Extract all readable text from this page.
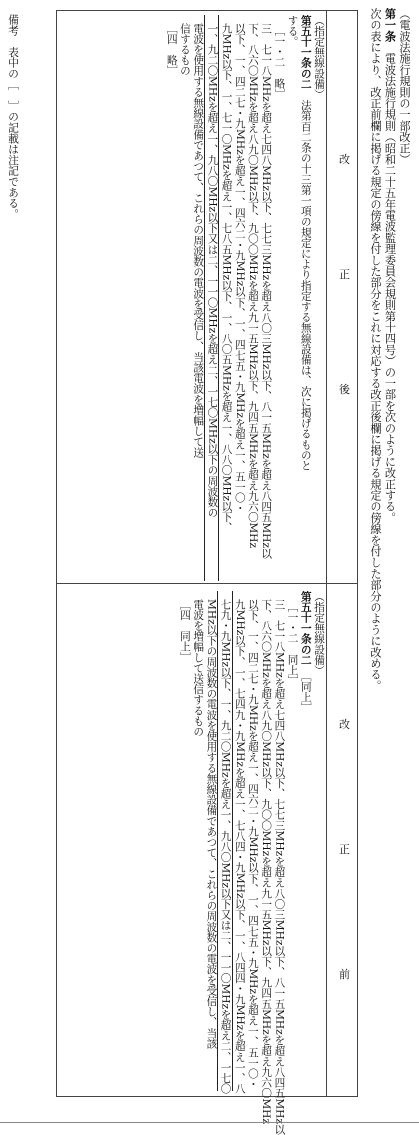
（電波法施行規則の一部改正）
第一条　電波法施行規則（昭和二十五年電波監理委員会規則第十四号）の一部を次のように改正する。
次の表により、改正前欄に掲げる規定の傍線を付した部分をこれに対応する改正後欄に掲げる規定の傍線を付した部分のように改める。
改
正
後
改
正
前
（指定無線設備）
第五十一条の二　法第百二条の十三第一項の規定により指定する無線設備は、次に掲げるものと
する。
［一・二　略］
三　七一八MHzを超え七四八MHz以下、七七三MHzを超え八〇三MHz以下、八一五MHzを超え八四五MHz以
下、八六〇MHzを超え八九〇MHz以下、九〇〇MHzを超え九一五MHz以下、九四五MHzを超え九六〇MHz
以下、一、四二七・九MHzを超え一、四六二・九MHz以下、一、四七五・九MHzを超え一、五一〇・
九MHz以下、一、七一〇MHzを超え一、七八五MHz以下、一、八〇五MHzを超え一、八八〇MHz以下、
一、九二〇MHzを超え一、九八〇MHz以下又は二、一一〇MHzを超え二、一七〇MHz以下の周波数の
電波を使用する無線設備であつて、これらの周波数の電波を受信し、当該電波を増幅して送
信するもの
［四　略］
（指定無線設備）
第五十一条の二　［同上］
［一・二　同上］
三　七一八MHzを超え七四八MHz以下、七七三MHzを超え八〇三MHz以下、八一五MHzを超え八四五MHz以
下、八六〇MHzを超え八九〇MHz以下、九〇〇MHzを超え九一五MHz以下、九四五MHzを超え九六〇MHz
以下、一、四二七・九MHzを超え一、四六二・九MHz以下、一、四七五・九MHzを超え一、五一〇・
九MHz以下、一、七四九・九MHzを超え一、七八四・九MHz以下、一、八四四・九MHzを超え一、八
七九・九MHz以下、一、九二〇MHzを超え一、九八〇MHz以下又は二、一一〇MHzを超え二、一七〇
MHz以下の周波数の電波を使用する無線設備であつて、これらの周波数の電波を受信し、当該
電波を増幅して送信するもの
［四　同上］
備考　表中の［　］の記載は注記である。
